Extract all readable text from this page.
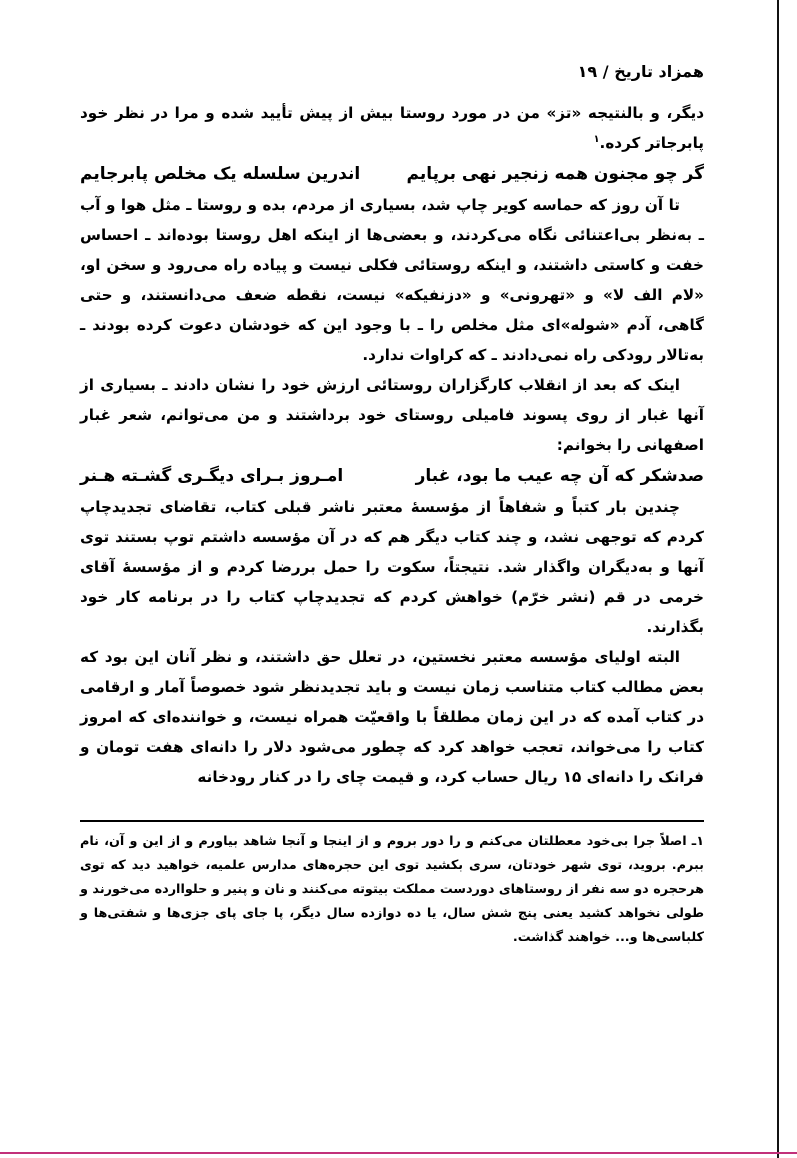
همزاد تاریخ / ۱۹

دیگر، و بالنتیجه «تز» من در مورد روستا بیش از پیش تأیید شده و مرا در نظر خود پابرجاتر کرده.$^۱$

گر چو مجنون همه زنجیر نهی برپایم
اندرین سلسله یک مخلص پابرجایم

تا آن روز که حماسه کویر چاپ شد، بسیاری از مردم، بده و روستا ـ مثل هوا و آب ـ به‌نظر بی‌اعتنائی نگاه می‌کردند، و بعضی‌ها از اینکه اهل روستا بوده‌اند ـ احساس خفت و کاستی داشتند، و اینکه روستائی فکلی نیست و پیاده راه می‌رود و سخن او، «لام الف لا» و «تهرونی» و «دزنفیکه» نیست، نقطه ضعف می‌دانستند، و حتی گاهی، آدم «شوله»ای مثل مخلص را ـ با وجود این که خودشان دعوت کرده بودند ـ به‌تالار رودکی راه نمی‌دادند ـ که کراوات ندارد.

اینک که بعد از انقلاب کارگزاران روستائی ارزش خود را نشان دادند ـ بسیاری از آنها غبار از روی پسوند فامیلی روستای خود برداشتند و من می‌توانم، شعر غبار اصفهانی را بخوانم:

صدشکر که آن چه عیب ما بود، غبار
امـروز بـرای دیگـری گشـته هـنر

چندین بار کتباً و شفاهاً از مؤسسهٔ معتبر ناشر قبلی کتاب، تقاضای تجدیدچاپ کردم که توجهی نشد، و چند کتاب دیگر هم که در آن مؤسسه داشتم توپ بستند توی آنها و به‌دیگران واگذار شد. نتیجتاً، سکوت را حمل بررضا کردم و از مؤسسهٔ آقای خرمی در قم (نشر خرّم) خواهش کردم که تجدیدچاپ کتاب را در برنامه کار خود بگذارند.

البته اولیای مؤسسه معتبر نخستین، در تعلل حق داشتند، و نظر آنان این بود که بعض مطالب کتاب متناسب زمان نیست و باید تجدیدنظر شود خصوصاً آمار و ارقامی در کتاب آمده که در این زمان مطلقاً با واقعیّت همراه نیست، و خواننده‌ای که امروز کتاب را می‌خواند، تعجب خواهد کرد که چطور می‌شود دلار را دانه‌ای هفت تومان و فرانک را دانه‌ای ۱۵ ریال حساب کرد، و قیمت چای را در کنار رودخانه

۱ـ اصلاً جرا بی‌خود معطلتان می‌کنم و را دور بروم و از اینجا و آنجا شاهد بیاورم و از این و آن، نام ببرم. بروید، توی شهر خودتان، سری بکشید توی این حجره‌های مدارس علمیه، خواهید دید که توی هرحجره دو سه نفر از روستاهای دوردست مملکت بیتوته می‌کنند و نان و پنیر و حلواارده می‌خورند و طولی نخواهد کشید یعنی پنج شش سال، یا ده دوازده سال دیگر، پا جای پای جزی‌ها و شفتی‌ها و کلباسی‌ها و... خواهند گذاشت.
